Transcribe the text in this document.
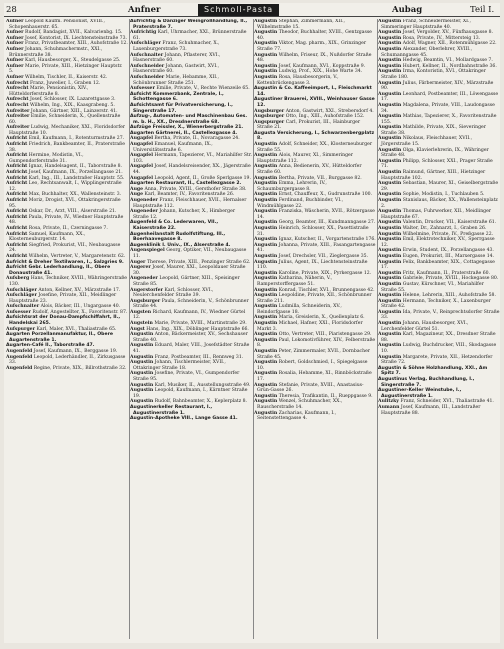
28	Anfner	Schmoll-Pasta	Aubag	Teil I.
Aufner Leopold Kaufm. Pensionist, XVIII., Schopenhauerstr. 65.
Aufner Rudolf, Bandagist, XVII., Kalvarienbg. 15.
Aufner Josef, Kontorist, IX. Liechtensteinstraße 73.
Aufner Franz, Privatbeamter, XIII., Auhofstraße 12.
Aufner Johann, Schuhmachermstr., XXI., Brünnerstraße 38.
Aufner Karl, Hausbesorger, X., Steudelgasse 25.
Aufner Marie, Private, XIII., Hietzinger Hauptstr. 5.
Aufner Wilhelm, Tischler, II., Kaiserstr. 42.
Aufrecht Franz, Juwelier, I., Graben 12.
Aufrecht Marie, Pensionistin, XIV., Hütteldorferstraße 8.
Aufrecht Josef, Schlosser, IX. Lazarettgasse 3.
Aufrecht Wilhelm, Ing., XIX., Kaasgrabeng. 5.
Aufreiter Johann, Gärtner, XIII., Lainzerstr. 41.
Aufreiter Emilie, Schneiderin, X., Quellenstraße 60.
Aufreiter Ludwig, Mechaniker, XXI., Floridsdorfer Hauptstraße 10.
Aufricht Emil, Kaufmann, I., Rotenturmstraße 27.
Aufricht Friedrich, Bankbeamter, II., Praterstraße 38.
Aufricht Hermine, Modistin, VI., Gumpendorferstraße 31.
Aufricht Ignaz, Handelsagent, II., Taborstraße 8.
Aufricht Josef, Kaufmann, IX., Porzellangasse 21.
Aufricht Karl, Ing., III., Landstraßer Hauptstr. 55.
Aufricht Leo, Rechtsanwalt, I., Wipplingerstraße 12.
Aufricht Max, Buchhalter, XX., Wallensteinstr. 3.
Aufricht Moriz, Drogist, XVI., Ottakringerstraße 95.
Aufricht Oskar, Dr., Arzt, VIII., Alserstraße 21.
Aufricht Paula, Private, IV., Wiedner Hauptstraße 48.
Aufricht Rosa, Private, II., Czerningasse 7.
Aufricht Samuel, Kaufmann, XX., Klosterneuburgerstr. 14.
Aufricht Siegfried, Prokurist, VII., Neubaugasse 24.
Aufricht Wilhelm, Vertreter, V., Margaretenstr. 62.
Aufricht & Dreher Textilwaren, I., Salzgries 9.
Aufricht Gebr. Lederhandlung, II., Obere Donaustraße 41.
Aufsberg Hans, Techniker, XVIII., Währingerstraße 130.
Aufschläger Anton, Kellner, XV., Märzstraße 17.
Aufschläger Josefine, Private, XII., Meidlinger Hauptstraße 23.
Aufschnaiter Alois, Bäcker, III., Ungargasse 40.
Aufsesser Rudolf, Angestellter, X., Favoritenstr. 87.
Aufsichtsrat der Donau-Dampfschiffahrt, II., Handelskai 265.
Aufspurger Karl, Maler, XVI., Thaliastraße 65.
Augarten Porzellanmanufaktur, II., Obere Augartenstraße 1.
Augarten-Café II., Taborstraße 47.
Augenfeld Josef, Kaufmann, IX., Berggasse 19.
Augenfeld Leopold, Lederhändler, II., Zirkusgasse 33.
Augenfeld Regine, Private, XIX., Billrothstraße 32.
Aufrichtig & Danziger Weingroßhandlung, II., Praterstraße 7.
Aufrichtig Karl, Uhrmacher, XXI., Brünnerstraße 61.
Aufschläger Franz, Schuhmacher, X., Laxenburgerstraße 73.
Aufschnaiter Johann, Pflasterer, XVI., Hasnerstraße 60.
Aufschneider Johann, Gastwirt, XVI., Hasnerstraße 60.
Aufschneider Marie, Hebamme, XII., Schönbrunner Straße 251.
Aufsesser Emilie, Private, V., Rechte Wienzeile 65.
Aufsicht Kommerzbank, Zentrale, I., Schottengasse 6.
Aufsichtsamt für Privatversicherung, I., Singerstraße 17.
Aufzug-, Automaten- und Maschinenbau Ges. m. b. H., XX., Dresdnerstraße 68.
Aufzüge Freissler, X., Wienerbergstraße 21.
Augarten Gärtnerei, II., Castellezgasse 4.
Augapfel Bertha, Private, II., Novaragasse 24.
Augapfel Emanuel, Kaufmann, IX., Universitätsstraße 6.
Augapfel Hermann, Tapezierer, VI., Mariahilfer Str. 103.
Augapfel Josef, Handelsreisender, XX., Jägerstraße 44.
Augapfel Leopold, Agent, II., Große Sperlgasse 19.
Augarten Restaurant, II., Castellezgasse 2.
Auge Anna, Private, XVIII., Gersthofer Straße 38.
Auge Karl, Beamter, IV., Favoritenstraße 26.
Augeneder Franz, Fleischhauer, XVII., Hernalser Hauptstraße 112.
Augeneder Johann, Kutscher, X., Himberger Straße 12.
Augenfeld & Co. Lederwaren, VII., Kaiserstraße 22.
Augenheilanstalt Rudolfstiftung, III., Boerhaavegasse 8.
Augenklinik I. Univ., IX., Alserstraße 4.
Augenspiegel Georg, Optiker, VII., Neubaugasse 11.
Auger Therese, Private, XIII., Penzinger Straße 62.
Augerer Josef, Maurer, XXI., Leopoldauer Straße 30.
Augeneder Leopold, Gärtner, XIII., Speisinger Straße 85.
Augerstorfer Karl, Schlosser, XVI., Neulerchenfelder Straße 39.
Augsburger Paula, Schneiderin, V., Schönbrunner Straße 44.
Augsten Richard, Kaufmann, IV., Wiedner Gürtel 12.
Augstein Marie, Private, XVIII., Martinstraße 29.
Augst Hans, Ing., XIX., Döblinger Hauptstraße 66.
Augustin Anton, Bäckermeister, XV., Sechshauser Straße 40.
Augustin Eduard, Maler, VIII., Josefstädter Straße 41.
Augustin Franz, Postbeamter, III., Rennweg 31.
Augustin Johann, Tischlermeister, XVII., Ottakringer Straße 18.
Augustin Josefine, Private, VI., Gumpendorfer Straße 95.
Augustin Karl, Musiker, II., Ausstellungsstraße 49.
Augustin Leopold, Kaufmann, I., Kärntner Straße 19.
Augustin Rudolf, Bahnbeamter, X., Keplerplatz 8.
Augustinerkeller Restaurant, I., Augustinerstraße 1.
Augustin-Apotheke VIII., Lange Gasse 41.
Augustin Stephan, Zimmermann, XII., Wilhelmstraße 15.
Augustin Theodor, Buchhalter, XVIII., Gentzgasse 40.
Augustin Viktor, Mag. pharm., XIX., Grinzinger Straße 77.
Augustin Wilhelm, Friseur, IX., Nußdorfer Straße 48.
Augustin Josef, Kaufmann, XVI., Koppstraße 9.
Augustin Ludwig, Prof., XIX., Hohe Warte 34.
Augustin Rosa, Hausbesorgerin, V., Kettenbrückengasse 3.
Augustin & Co. Kaffeeimport, I., Fleischmarkt 14.
Augustiner Brauerei, XVIII., Weinhauser Gasse 12.
Augsburger Anton, Gastwirt, XXI., Strebersdorf 4.
Augsburger Otto, Ing., XIII., Auhofstraße 152.
Augspurger Carl, Prokurist, III., Hainburger Straße 21.
Augusta Versicherung, I., Schwarzenbergplatz 8.
Augustin Adolf, Schneider, XX., Klosterneuburger Straße 55.
Augustin Alois, Maurer, XI., Simmeringer Hauptstraße 112.
Augustin Anna, Bedienerin, XV., Hütteldorfer Straße 60.
Augustin Bertha, Private, VII., Burggasse 82.
Augustin Emma, Lehrerin, IV., Schaumburgergasse 8.
Augustin Ernst, Chauffeur, X., Gudrunstraße 100.
Augustin Ferdinand, Buchbinder, VI., Windmühlgasse 22.
Augustin Franziska, Wäscherin, XVII., Rötzergasse 14.
Augustin Georg, Beamter, III., Kundmanngasse 27.
Augustin Heinrich, Schlosser, XX., Pasettistraße 31.
Augustin Ignaz, Kutscher, II., Vorgartenstraße 176.
Augustin Johanna, Private, XIII., Fasangartengasse 41.
Augustin Josef, Drechsler, VII., Zieglergasse 35.
Augustin Julius, Agent, IX., Liechtensteinstraße 110.
Augustin Karoline, Private, XIX., Pyrkergasse 12.
Augustin Katharina, Näherin, V., Ramperstorffergasse 51.
Augustin Konrad, Tischler, XVI., Brunnengasse 42.
Augustin Leopoldine, Private, XII., Schönbrunner Straße 211.
Augustin Ludmilla, Schneiderin, XV., Reindorfgasse 18.
Augustin Maria, Greislerin, X., Quellenplatz 6.
Augustin Michael, Hafner, XXI., Floridsdorfer Markt 3.
Augustin Otto, Vertreter, VIII., Piaristengasse 29.
Augustin Paul, Lokomotivführer, XIV., Felberstraße 8.
Augustin Peter, Zimmermaler, XVII., Dornbacher Straße 45.
Augustin Robert, Goldschmied, I., Spiegelgasse 10.
Augustin Rosalia, Hebamme, XI., Rinnböckstraße 17.
Augustin Stefanie, Private, XVIII., Anastasius-Grün-Gasse 26.
Augustin Theresia, Trafikantin, II., Rueppgasse 9.
Augustin Wenzel, Schuhmacher, XX., Rauscherstraße 14.
Augustin Zacharias, Kaufmann, I., Seitenstettengasse 4.
Augustin Franz, Schneidermeister, XI., Simmeringer Hauptstraße 40.
Augustin Josef, Vergolder, XV., Fünfhausgasse 8.
Augustin Rosa, Private, IV., Mittersteig 13.
Augustin Adolf, Wagner, XII., Rotenmühlgasse 22.
Augustin Alexander, Oberlehrer, XVIII., Schumanngasse 45.
Augustin Hedwig, Beamtin, VI., Mollardgasse 7.
Augustin Hubert, Kellner, II., Nordbahnstraße 36.
Augustin Irma, Kontoristin, XVI., Ottakringer Straße 180.
Augustin Julius, Färbermeister, XIV., Märzstraße 90.
Augustin Leonhard, Postbeamter, III., Löwengasse 17.
Augustin Magdalena, Private, VIII., Laudongasse 34.
Augustin Mathias, Tapezierer, X., Favoritenstraße 155.
Augustin Mathilde, Private, XIX., Sieveringer Straße 38.
Augustin Nikolaus, Fleischhauer, XVII., Jörgerstraße 15.
Augustin Olga, Klavierlehrerin, IX., Währinger Straße 48.
Augustin Philipp, Schlosser, XXI., Prager Straße 71.
Augustin Raimund, Gärtner, XIII., Hietzinger Hauptstraße 102.
Augustin Sebastian, Maurer, XI., Geiselbergstraße 29.
Augustin Sophie, Modistin, I., Tuchlauben 5.
Augustin Stanislaus, Bäcker, XX., Wallensteinplatz 2.
Augustin Thomas, Fuhrwerker, XII., Meidlinger Hauptstraße 67.
Augustin Valentin, Drucker, VII., Kaiserstraße 61.
Augustin Walter, Dr., Zahnarzt, I., Graben 26.
Augustin Wilhelmine, Private, IV., Preßgasse 22.
Augustin Emil, Elektrotechniker, XV., Sperrgasse 12.
Augustin Erwin, Student, IX., Porzellangasse 43.
Augustin Eugen, Prokurist, III., Marxergasse 14.
Augustin Felix, Bankbeamter, XIX., Cottagegasse 17.
Augustin Fritz, Kaufmann, II., Praterstraße 60.
Augustin Gabriele, Private, XVIII., Hockegasse 80.
Augustin Gustav, Kürschner, VI., Mariahilfer Straße 55.
Augustin Helene, Lehrerin, XIII., Auhofstraße 58.
Augustin Hermann, Techniker, X., Laxenburger Straße 42.
Augustin Ida, Private, V., Reinprechtsdorfer Straße 33.
Augustin Johann, Hausbesorger, XVI., Lerchenfelder Gürtel 51.
Augustin Karl, Magazineur, XX., Dresdner Straße 88.
Augustin Ludwig, Buchdrucker, VIII., Skodagasse 10.
Augustin Margarete, Private, XII., Hetzendorfer Straße 72.
Augustin & Söhne Holzhandlung, XXI., Am Spitz 7.
Augustinus Verlag, Buchhandlung, I., Singerstraße 7.
Augustiner-Keller Weinstube, I., Augustinerstraße 1.
Aulitzky Franz, Schneider, XVI., Thaliastraße 41.
Aumann Josef, Kaufmann, III., Landstraßer Hauptstraße 88.
